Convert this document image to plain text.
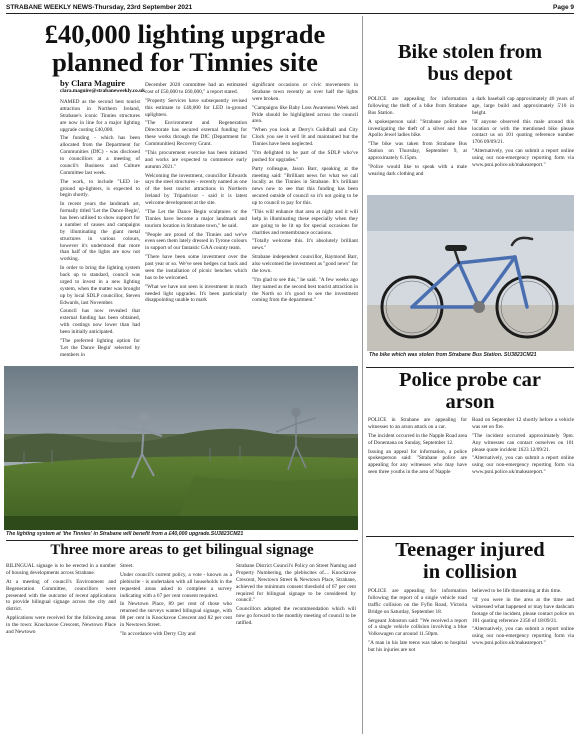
STRABANE WEEKLY NEWS-Thursday, 23rd September 2021	Page 9
£40,000 lighting upgrade
planned for Tinnies site
by Clara Maguire
clara.maguire@strabaneweekly.co.uk

NAMED as the second best tourist attraction in Northern Ireland, Strabane's iconic Tinnies structures are now in line for a major lighting upgrade costing £40,000.

The funding - which has been allocated from the Department for Communities (DfC) - was disclosed to councillors at a meeting of council's Business and Culture Committee last week.

The work, to include "LED in-ground up-lighters, is expected to begin shortly.

In recent years the landmark art, formally titled 'Let the Dance Begin', has been utilised to show support for a number of causes and campaigns by illuminating the giant metal structures in various colours, however it's understood that more than half of the lights are now not working.

In order to bring the lighting system back up to standard, council was urged to invest in a new lighting system, when the matter was brought up by local SDLP councillor, Steven Edwards, last November.

Council has now revealed that external funding has been obtained, with costings now lower than had been initially anticipated.

"The preferred lighting option for 'Let the Dance Begin' selected by members in

December 2020 committee had an estimated cost of £50,000 to £60,000," a report stated.

"Property Services have subsequently revised this estimate to £40,000 for LED in-ground uplighters.

"The Environment and Regeneration Directorate has secured external funding for these works through the DfC (Department for Communities) Recovery Grant.

"This procurement exercise has been initiated and works are expected to commence early autumn 2021."

Welcoming the investment, councillor Edwards says the steel structures - recently named as one of the best tourist attractions in Northern Ireland by Tripadvisor - said it is latest welcome development at the site.

"The Let the Dance Begin sculptures or the Tinnies have become a major landmark and tourism location in Strabane town," he said.

"People are proud of the Tinnies and we've even seen them lately dressed in Tyrone colours in support of our fantastic GAA county team.

"There have been some investment over the past year or so. We've seen hedges cut back and seen the installation of picnic benches which has to be welcomed.

"What we have not seen is investment in much needed light upgrades. It's been particularly disappointing unable to mark

significant occasions or civic movements in Strabane town recently as over half the lights were broken.

"Campaigns like Baby Loss Awareness Week and Pride should be highlighted across the council area.

"When you look at Derry's Guildhall and City Clock you see it well lit and maintained but the Tinnies have been neglected.

"I'm delighted to be part of the SDLP who've pushed for upgrades."

Party colleague, Jason Barr, speaking at the meeting said: "Brilliant news for what we call locally as the Tinnies in Strabane. It's brilliant news now to see that this funding has been secured outside of council so it's not going to be up to council to pay for this.

"This will enhance that area at night and it will help in illuminating these especially when they are going to be lit up for special occasions for charities and remembrance occasions.

"Totally welcome this. It's absolutely brilliant news."

Strabane independent councillor, Raymond Barr, also welcomed the investment as "good news" for the town.

"I'm glad to see this," he said. "A few weeks ago they named as the second best tourist attraction in the North so it's good to see the investment coming from the department."

The lighting system at 'the Tinnies' in Strabane will benefit from a £40,000 upgrade.SU3823CM21
Three more areas to get bilingual signage

BILINGUAL signage is to be erected in a number of housing developments across Strabane.

At a meeting of council's Environment and Regeneration Committee, councillors were presented with the outcome of recent applications to provide bilingual signage across the city and district.

Applications were received for the following areas in the town: Knockavoe Crescent, Newtown Place and Newtown

Street.

Under council's current policy, a vote - known as a plebiscite - is undertaken with all households in the requested areas asked to complete a survey indicating with a 67 per cent consent required.

In Newtown Place, 89 per cent of those who returned the surveys wanted bilingual signage, with 88 per cent in Knockavoe Crescent and 82 per cent in Newtown Street.

"In accordance with Derry City and

Strabane District Council's Policy on Street Naming and Property Numbering, the plebiscites of.... Knockavoe Crescent, Newtown Street & Newtown Place, Strabane, achieved the minimum consent threshold of 67 per cent required for bilingual signage to be considered by council."

Councillors adopted the recommendation which will now go forward to the monthly meeting of council to be ratified.

Bike stolen from
bus depot

POLICE are appealing for information following the theft of a bike from Strabane Bus Station.

A spokesperson said: "Strabane police are investigating the theft of a silver and blue Apollo Jewel ladies bike.

"The bike was taken from Strabane Bus Station on Thursday, September 9, at approximately 6.15pm.

"Police would like to speak with a male wearing dark clothing and

a dark baseball cap approximately 40 years of age, large build and approximately 5'10 in height.

"If anyone observed this male around this location or with the mentioned bike please contact us on 101 quoting reference number 1706 09/09/21.

"Alternatively, you can submit a report online using our non-emergency reporting form via www.psni.police.uk/makeareport."

The bike which was stolen from Strabane Bus Station. SU3823CM21
Police probe car
arson

POLICE in Strabane are appealing for witnesses to an arson attack on a car.

The incident occurred in the Napple Road area of Donemana on Sunday, September 12.

Issuing an appeal for information, a police spokesperson said: "Strabane police are appealing for any witnesses who may have seen three youths in the area of Napple

Road on September 12 shortly before a vehicle was set on fire.

"The incident occurred approximately 9pm. Any witnesses can contact ourselves on 101 please quote incident 1623 12/09/21.

"Alternatively, you can submit a report online using our non-emergency reporting form via www.psni.police.uk/makeareport."

Teenager injured
in collision

POLICE are appealing for information following the report of a single vehicle road traffic collision on the Fyfin Road, Victoria Bridge on Saturday, September 18.

Sergeant Johnston said: "We received a report of a single vehicle collision involving a blue Volkswagen car around 11.50pm.

"A man in his late teens was taken to hospital but his injuries are not

believed to be life threatening at this time.

"If you were in the area at the time and witnessed what happened or may have dashcam footage of the incident, please contact police on 101 quoting reference 2356 of 18/09/21.

"Alternatively, you can submit a report online using our non-emergency reporting form via www.psni.police.uk/makeareport."
